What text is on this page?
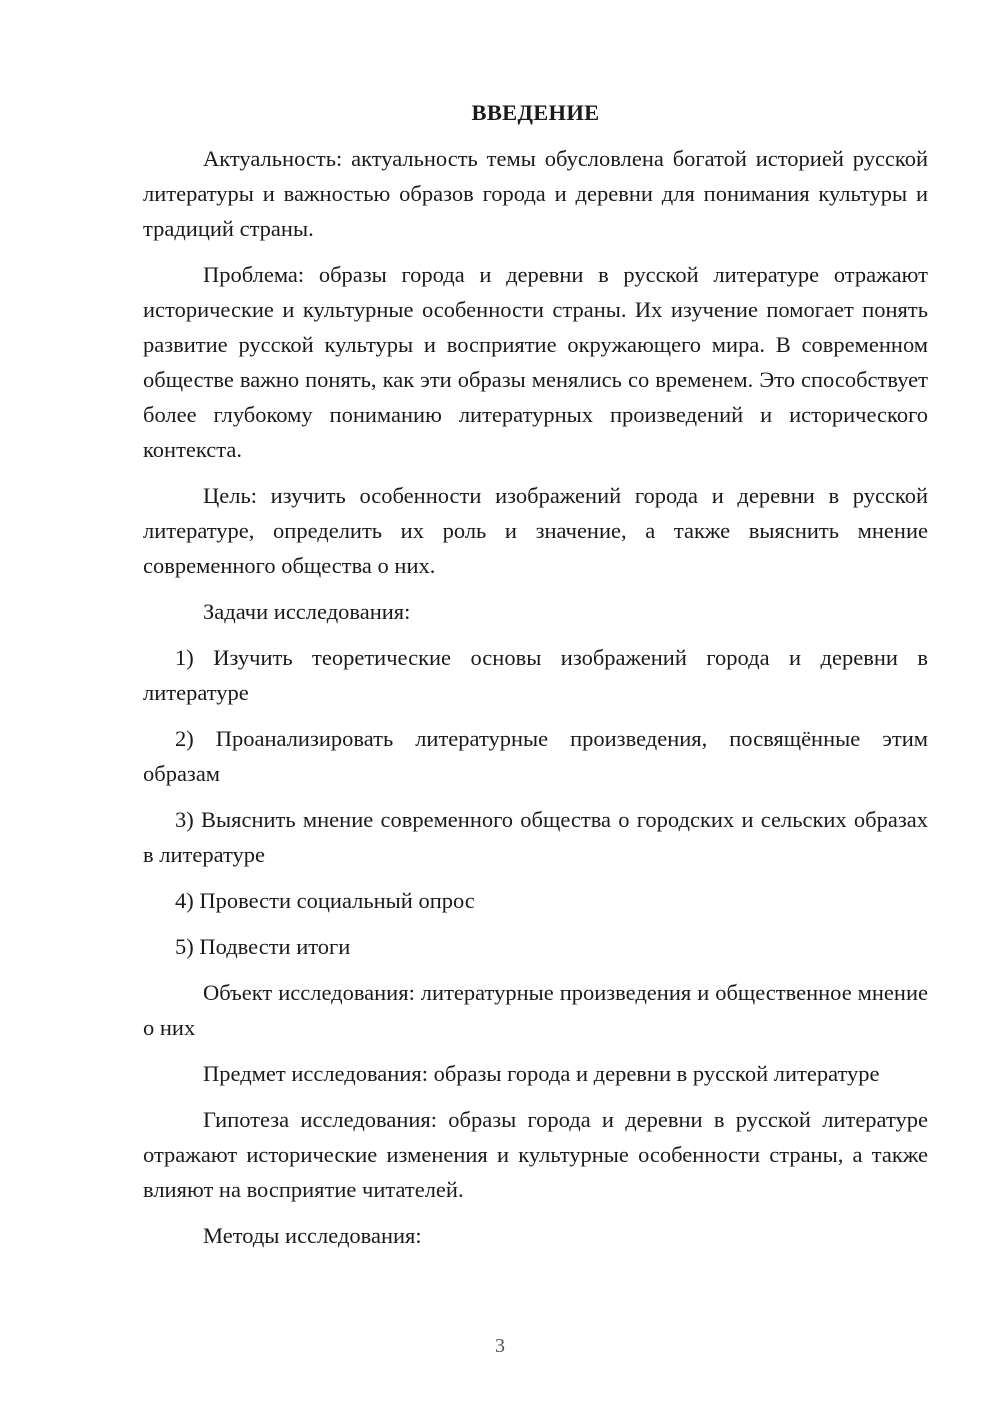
ВВЕДЕНИЕ

Актуальность: актуальность темы обусловлена богатой историей русской литературы и важностью образов города и деревни для понимания культуры и традиций страны.

Проблема: образы города и деревни в русской литературе отражают исторические и культурные особенности страны. Их изучение помогает понять развитие русской культуры и восприятие окружающего мира. В современном обществе важно понять, как эти образы менялись со временем. Это способствует более глубокому пониманию литературных произведений и исторического контекста.

Цель: изучить особенности изображений города и деревни в русской литературе, определить их роль и значение, а также выяснить мнение современного общества о них.

Задачи исследования:

1) Изучить теоретические основы изображений города и деревни в литературе

2) Проанализировать литературные произведения, посвящённые этим образам

3) Выяснить мнение современного общества о городских и сельских образах в литературе

4) Провести социальный опрос

5) Подвести итоги

Объект исследования: литературные произведения и общественное мнение о них

Предмет исследования: образы города и деревни в русской литературе

Гипотеза исследования: образы города и деревни в русской литературе отражают исторические изменения и культурные особенности страны, а также влияют на восприятие читателей.

Методы исследования:

3
